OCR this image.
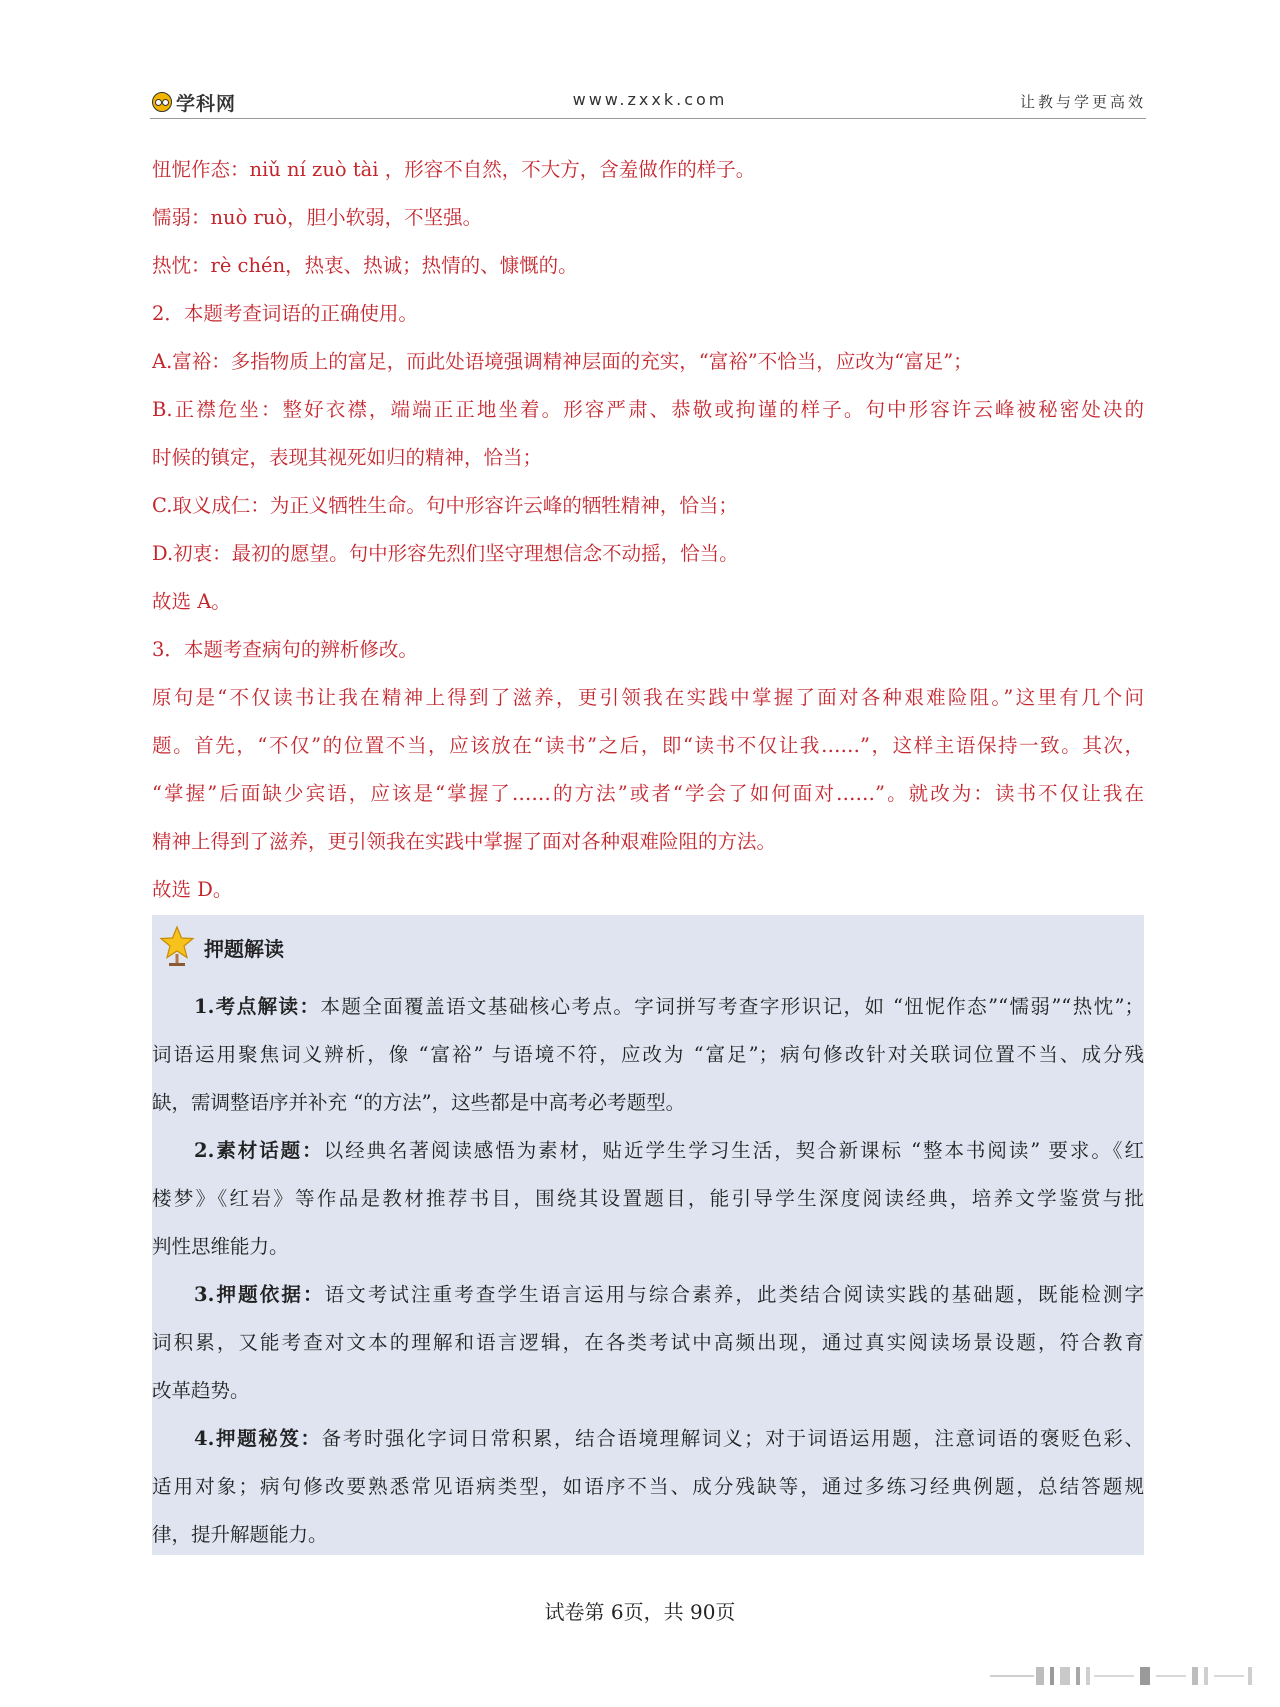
学科网	www.zxxk.com	让教与学更高效
忸怩作态：niǔ ní zuò tài ，形容不自然，不大方，含羞做作的样子。
懦弱：nuò ruò，胆小软弱，不坚强。
热忱：rè chén，热衷、热诚；热情的、慷慨的。
2．本题考查词语的正确使用。
A.富裕：多指物质上的富足，而此处语境强调精神层面的充实，“富裕”不恰当，应改为“富足”；
B.正襟危坐：整好衣襟，端端正正地坐着。形容严肃、恭敬或拘谨的样子。句中形容许云峰被秘密处决的
时候的镇定，表现其视死如归的精神，恰当；
C.取义成仁：为正义牺牲生命。句中形容许云峰的牺牲精神，恰当；
D.初衷：最初的愿望。句中形容先烈们坚守理想信念不动摇，恰当。
故选 A。
3．本题考查病句的辨析修改。
原句是“不仅读书让我在精神上得到了滋养，更引领我在实践中掌握了面对各种艰难险阻。”这里有几个问
题。首先，“不仅”的位置不当，应该放在“读书”之后，即“读书不仅让我……”，这样主语保持一致。其次，
“掌握”后面缺少宾语，应该是“掌握了……的方法”或者“学会了如何面对……”。就改为：读书不仅让我在
精神上得到了滋养，更引领我在实践中掌握了面对各种艰难险阻的方法。
故选 D。
押题解读
1.考点解读：本题全面覆盖语文基础核心考点。字词拼写考查字形识记，如 “忸怩作态”“懦弱”“热忱”；
词语运用聚焦词义辨析，像 “富裕” 与语境不符，应改为 “富足”；病句修改针对关联词位置不当、成分残
缺，需调整语序并补充 “的方法”，这些都是中高考必考题型。
2.素材话题：以经典名著阅读感悟为素材，贴近学生学习生活，契合新课标 “整本书阅读” 要求。《红
楼梦》《红岩》等作品是教材推荐书目，围绕其设置题目，能引导学生深度阅读经典，培养文学鉴赏与批
判性思维能力。
3.押题依据：语文考试注重考查学生语言运用与综合素养，此类结合阅读实践的基础题，既能检测字
词积累，又能考查对文本的理解和语言逻辑，在各类考试中高频出现，通过真实阅读场景设题，符合教育
改革趋势。
4.押题秘笈：备考时强化字词日常积累，结合语境理解词义；对于词语运用题，注意词语的褒贬色彩、
适用对象；病句修改要熟悉常见语病类型，如语序不当、成分残缺等，通过多练习经典例题，总结答题规
律，提升解题能力。
试卷第 6页，共 90页
